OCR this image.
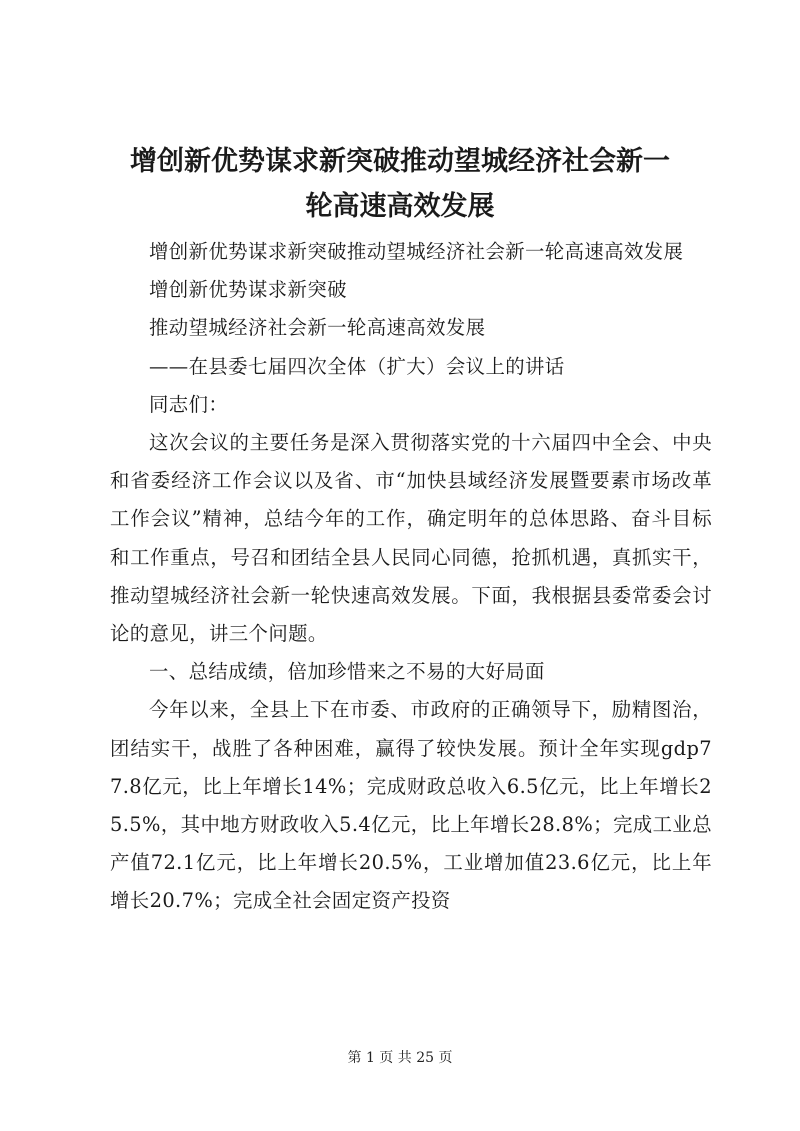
增创新优势谋求新突破推动望城经济社会新一
轮高速高效发展

增创新优势谋求新突破推动望城经济社会新一轮高速高效发展

增创新优势谋求新突破

推动望城经济社会新一轮高速高效发展

——在县委七届四次全体（扩大）会议上的讲话

同志们：

这次会议的主要任务是深入贯彻落实党的十六届四中全会、中央和省委经济工作会议以及省、市“加快县域经济发展暨要素市场改革工作会议”精神，总结今年的工作，确定明年的总体思路、奋斗目标和工作重点，号召和团结全县人民同心同德，抢抓机遇，真抓实干，推动望城经济社会新一轮快速高效发展。下面，我根据县委常委会讨论的意见，讲三个问题。

一、总结成绩，倍加珍惜来之不易的大好局面

今年以来，全县上下在市委、市政府的正确领导下，励精图治，团结实干，战胜了各种困难，赢得了较快发展。预计全年实现gdp77.8亿元，比上年增长14%；完成财政总收入6.5亿元，比上年增长25.5%，其中地方财政收入5.4亿元，比上年增长28.8%；完成工业总产值72.1亿元，比上年增长20.5%，工业增加值23.6亿元，比上年增长20.7%；完成全社会固定资产投资

第 1 页 共 25 页
